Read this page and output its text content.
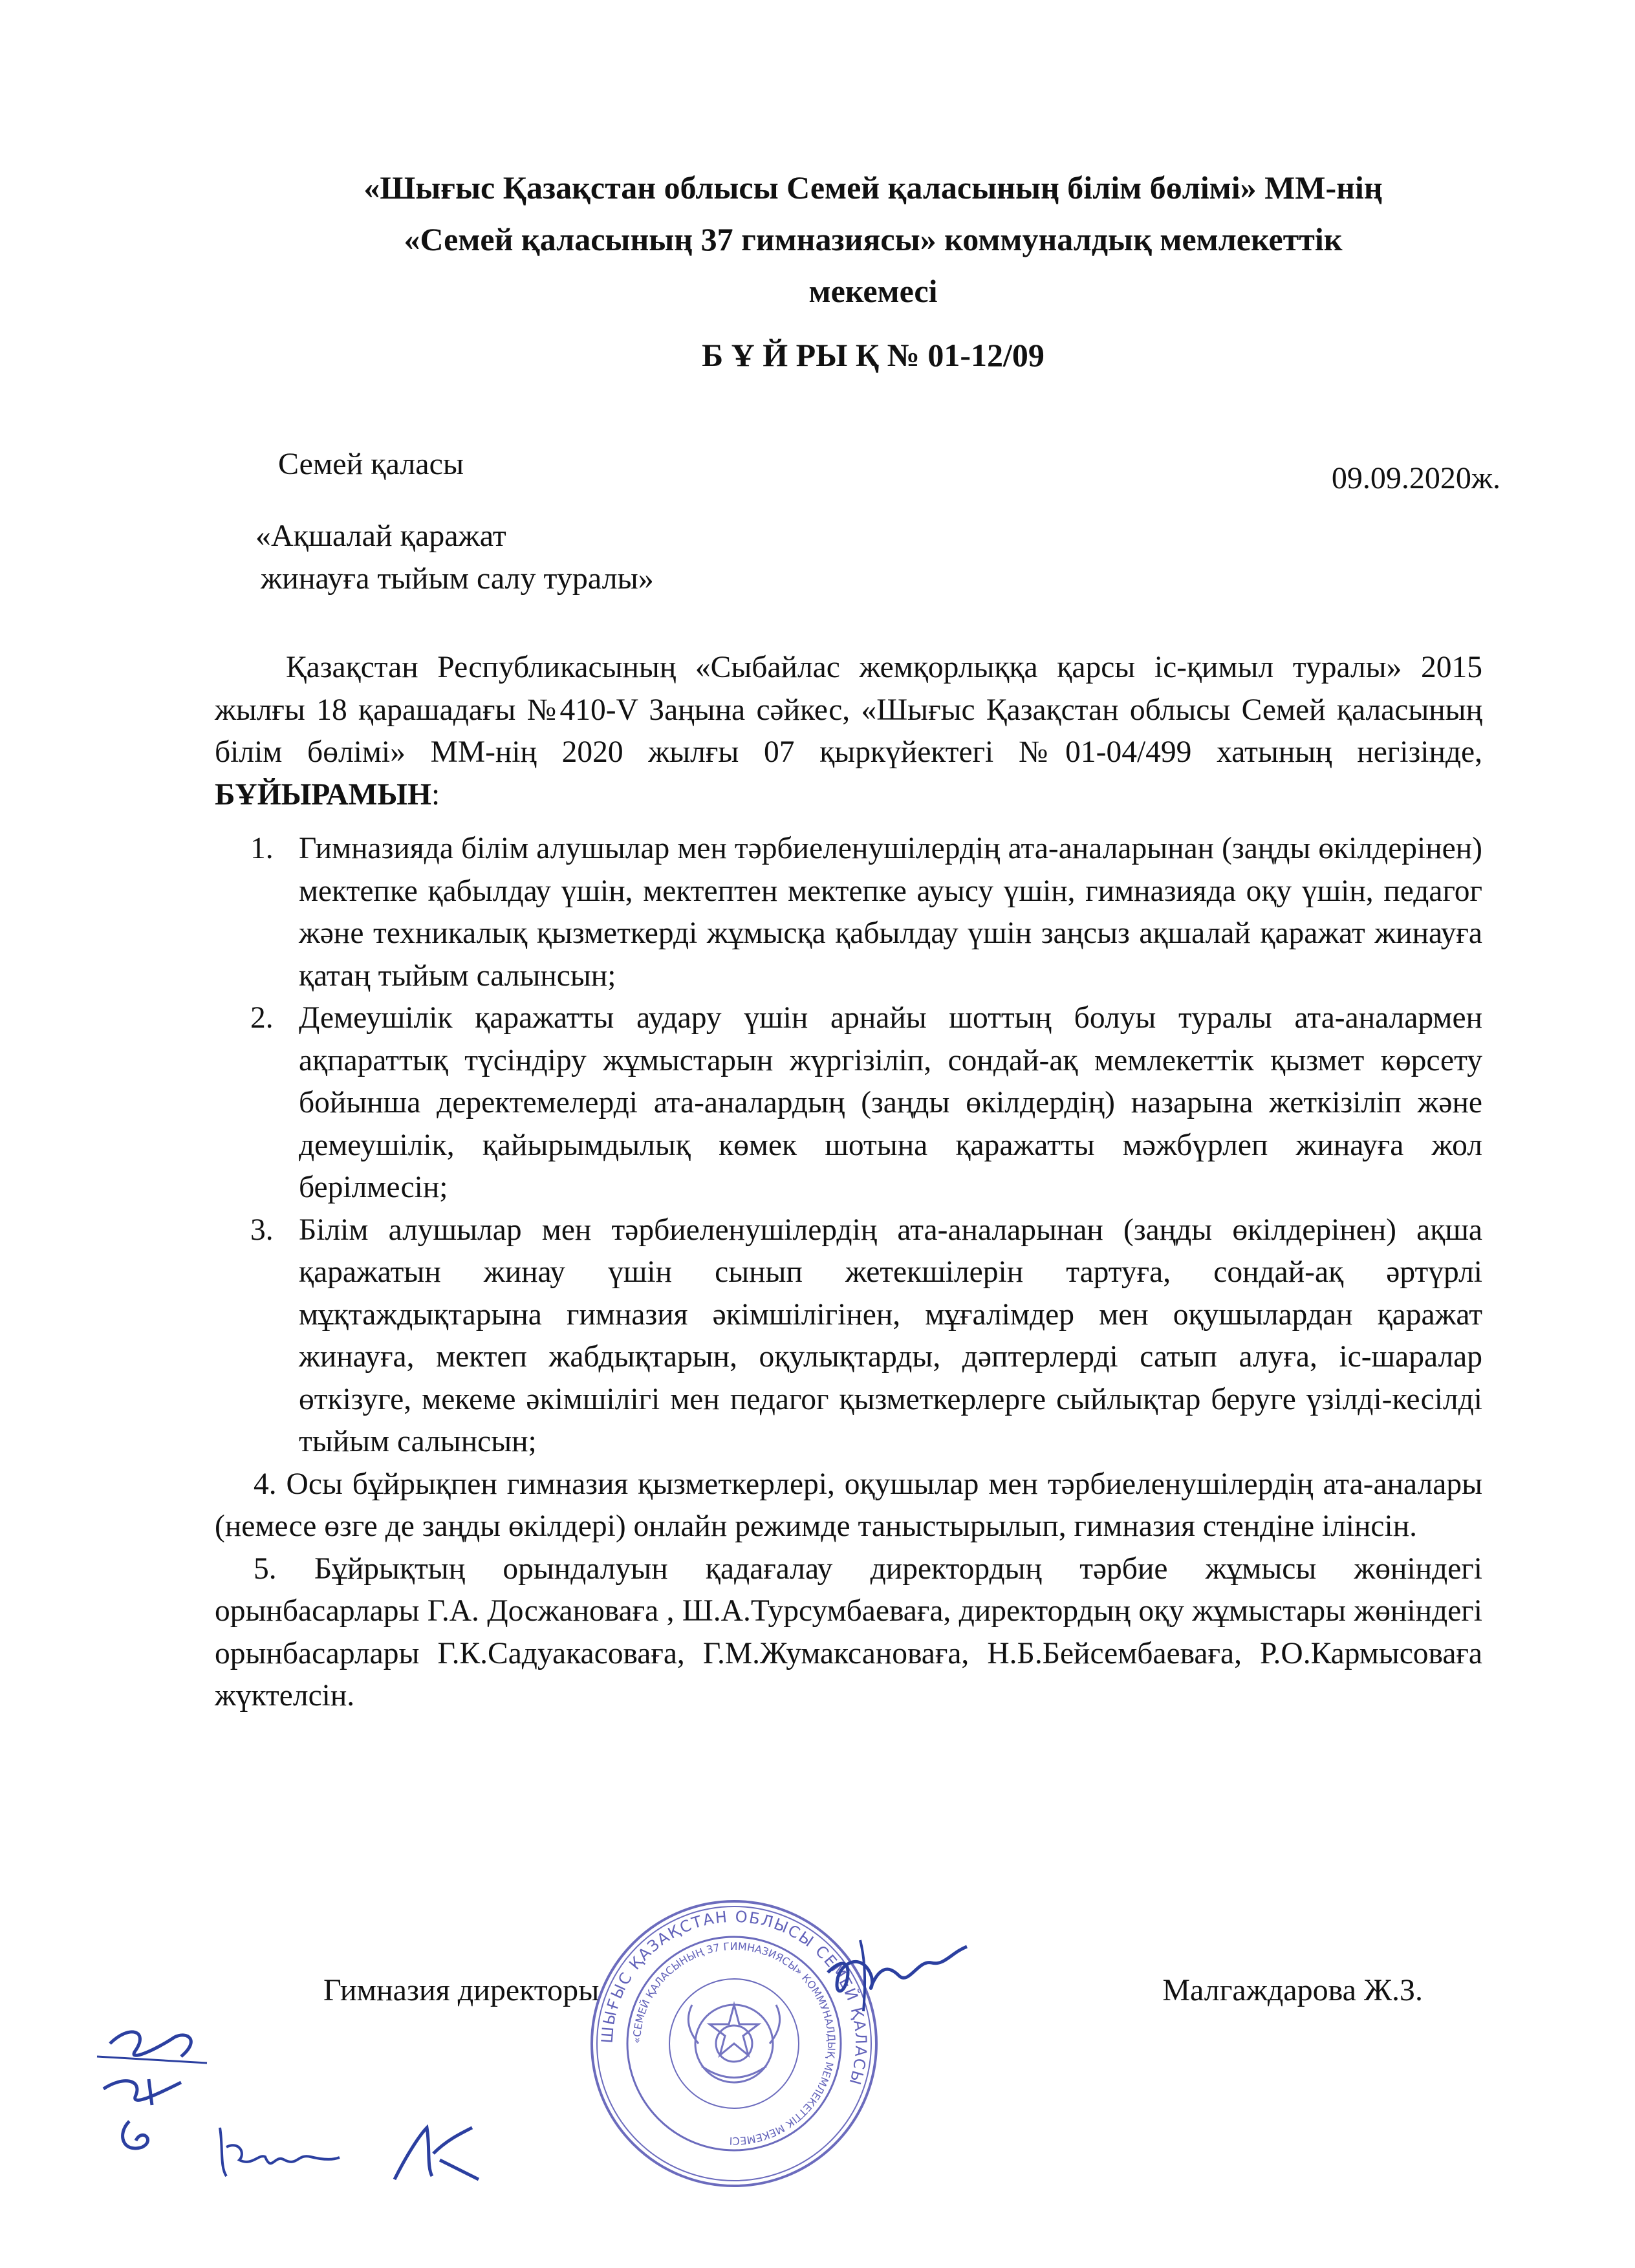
«Шығыс Қазақстан облысы Семей қаласының білім бөлімі» ММ-нің
«Семей қаласының 37 гимназиясы» коммуналдық мемлекеттік
мекемесі
Б Ұ Й РЫ Қ № 01-12/09
Семей қаласы	09.09.2020ж.
«Ақшалай қаражат
жинауға тыйым салу туралы»

Қазақстан Республикасының «Сыбайлас жемқорлыққа қарсы іс-қимыл туралы» 2015 жылғы 18 қарашадағы №410-V Заңына сәйкес, «Шығыс Қазақстан облысы Семей қаласының білім бөлімі» ММ-нің 2020 жылғы 07 қыркүйектегі №01-04/499 хатының негізінде, БҰЙЫРАМЫН:

1. Гимназияда білім алушылар мен тәрбиеленушілердің ата-аналарынан (заңды өкілдерінен) мектепке қабылдау үшін, мектептен мектепке ауысу үшін, гимназияда оқу үшін, педагог және техникалық қызметкерді жұмысқа қабылдау үшін заңсыз ақшалай қаражат жинауға қатаң тыйым салынсын;
2. Демеушілік қаражатты аудару үшін арнайы шоттың болуы туралы ата-аналармен ақпараттық түсіндіру жұмыстарын жүргізіліп, сондай-ақ мемлекеттік қызмет көрсету бойынша деректемелерді ата-аналардың (заңды өкілдердің) назарына жеткізіліп және демеушілік, қайырымдылық көмек шотына қаражатты мәжбүрлеп жинауға жол берілмесін;
3. Білім алушылар мен тәрбиеленушілердің ата-аналарынан (заңды өкілдерінен) ақша қаражатын жинау үшін сынып жетекшілерін тартуға, сондай-ақ әртүрлі мұқтаждықтарына гимназия әкімшілігінен, мұғалімдер мен оқушылардан қаражат жинауға, мектеп жабдықтарын, оқулықтарды, дәптерлерді сатып алуға, іс-шаралар өткізуге, мекеме әкімшілігі мен педагог қызметкерлерге сыйлықтар беруге үзілді-кесілді тыйым салынсын;

4. Осы бұйрықпен гимназия қызметкерлері, оқушылар мен тәрбиеленушілердің ата-аналары (немесе өзге де заңды өкілдері) онлайн режимде таныстырылып, гимназия стендіне ілінсін.

5. Бұйрықтың орындалуын қадағалау директордың тәрбие жұмысы жөніндегі орынбасарлары Г.А. Досжановаға , Ш.А.Турсумбаеваға, директордың оқу жұмыстары жөніндегі орынбасарлары Г.К.Садуакасоваға, Г.М.Жумаксановаға, Н.Б.Бейсембаеваға, Р.О.Кармысоваға жүктелсін.

ШЫҒЫС ҚАЗАҚСТАН ОБЛЫСЫ СЕМЕЙ ҚАЛАСЫ
«СЕМЕЙ ҚАЛАСЫНЫҢ 37 ГИМНАЗИЯСЫ» КОММУНАЛДЫҚ МЕМЛЕКЕТТІК МЕКЕМЕСІ
Гимназия директоры	Малгаждарова Ж.З.
